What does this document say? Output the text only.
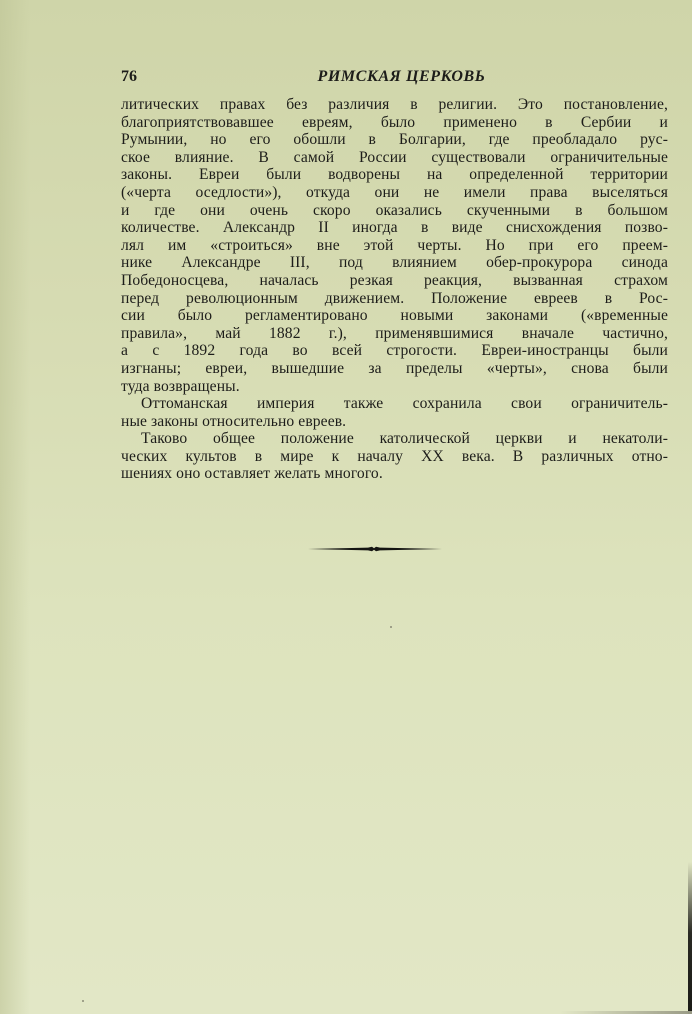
76	РИМСКАЯ ЦЕРКОВЬ
литических правах без различия в религии. Это постановление,
благоприятствовавшее евреям, было применено в Сербии и
Румынии, но его обошли в Болгарии, где преобладало рус-
ское влияние. В самой России существовали ограничительные
законы. Евреи были водворены на определенной территории
(«черта оседлости»), откуда они не имели права выселяться
и где они очень скоро оказались скученными в большом
количестве. Александр II иногда в виде снисхождения позво-
лял им «строиться» вне этой черты. Но при его преем-
нике Александре III, под влиянием обер-прокурора синода
Победоносцева, началась резкая реакция, вызванная страхом
перед революционным движением. Положение евреев в Рос-
сии было регламентировано новыми законами («временные
правила», май 1882 г.), применявшимися вначале частично,
а с 1892 года во всей строгости. Евреи-иностранцы были
изгнаны; евреи, вышедшие за пределы «черты», снова были
туда возвращены.
Оттоманская империя также сохранила свои ограничитель-
ные законы относительно евреев.
Таково общее положение католической церкви и некатоли-
ческих культов в мире к началу XX века. В различных отно-
шениях оно оставляет желать многого.
